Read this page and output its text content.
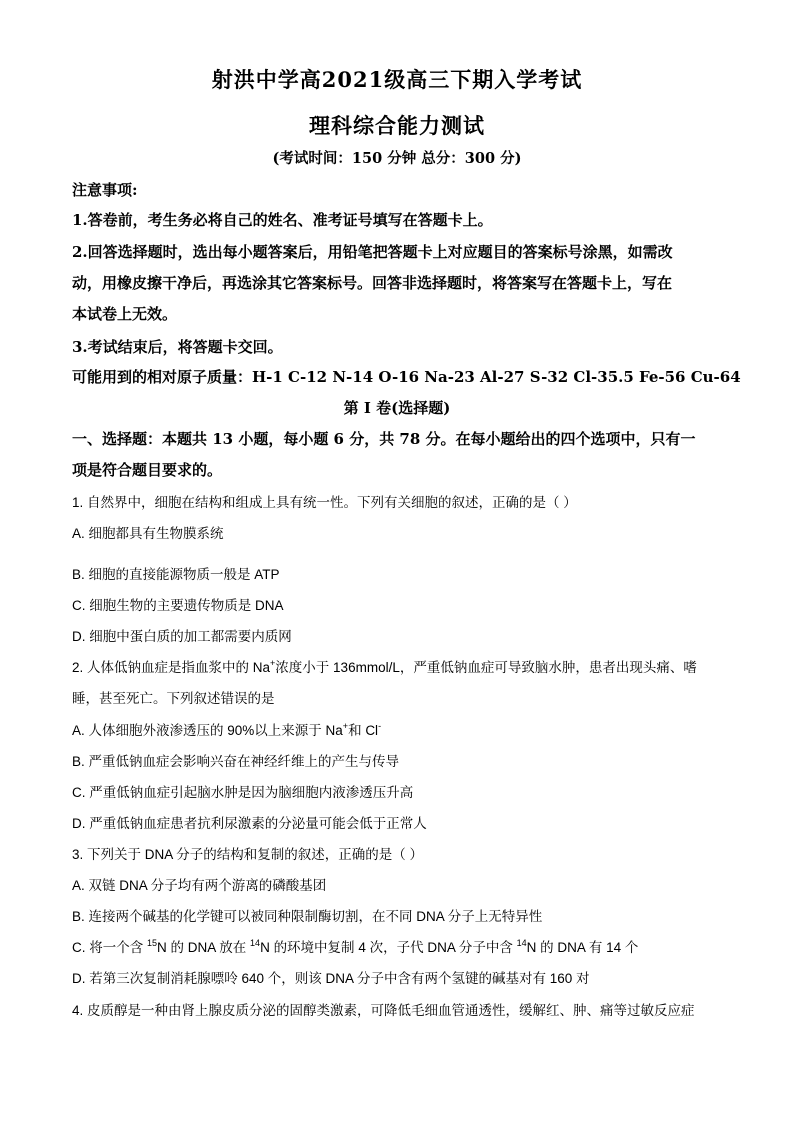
射洪中学高2021级高三下期入学考试
理科综合能力测试
(考试时间：150 分钟 总分：300 分)
注意事项:
1.答卷前，考生务必将自己的姓名、准考证号填写在答题卡上。
2.回答选择题时，选出每小题答案后，用铅笔把答题卡上对应题目的答案标号涂黑，如需改
动，用橡皮擦干净后，再选涂其它答案标号。回答非选择题时，将答案写在答题卡上，写在
本试卷上无效。
3.考试结束后，将答题卡交回。
可能用到的相对原子质量：H-1 C-12 N-14 O-16 Na-23 Al-27 S-32 Cl-35.5 Fe-56 Cu-64
第 I 卷(选择题)
一、选择题：本题共 13 小题，每小题 6 分，共 78 分。在每小题给出的四个选项中，只有一
项是符合题目要求的。
1. 自然界中，细胞在结构和组成上具有统一性。下列有关细胞的叙述，正确的是（ ）
A. 细胞都具有生物膜系统
B. 细胞的直接能源物质一般是 ATP
C. 细胞生物的主要遗传物质是 DNA
D. 细胞中蛋白质的加工都需要内质网
2. 人体低钠血症是指血浆中的 Na+浓度小于 136mmol/L，严重低钠血症可导致脑水肿，患者出现头痛、嗜
睡，甚至死亡。下列叙述错误的是
A. 人体细胞外液渗透压的 90%以上来源于 Na+和 Cl-
B. 严重低钠血症会影响兴奋在神经纤维上的产生与传导
C. 严重低钠血症引起脑水肿是因为脑细胞内液渗透压升高
D. 严重低钠血症患者抗利尿激素的分泌量可能会低于正常人
3. 下列关于 DNA 分子的结构和复制的叙述，正确的是（ ）
A. 双链 DNA 分子均有两个游离的磷酸基团
B. 连接两个碱基的化学键可以被同种限制酶切割，在不同 DNA 分子上无特异性
C. 将一个含 $^{15}$N 的 DNA 放在 $^{14}$N 的环境中复制 4 次，子代 DNA 分子中含 $^{14}$N 的 DNA 有 14 个
D. 若第三次复制消耗腺嘌呤 640 个，则该 DNA 分子中含有两个氢键的碱基对有 160 对
4. 皮质醇是一种由肾上腺皮质分泌的固醇类激素，可降低毛细血管通透性，缓解红、肿、痛等过敏反应症
